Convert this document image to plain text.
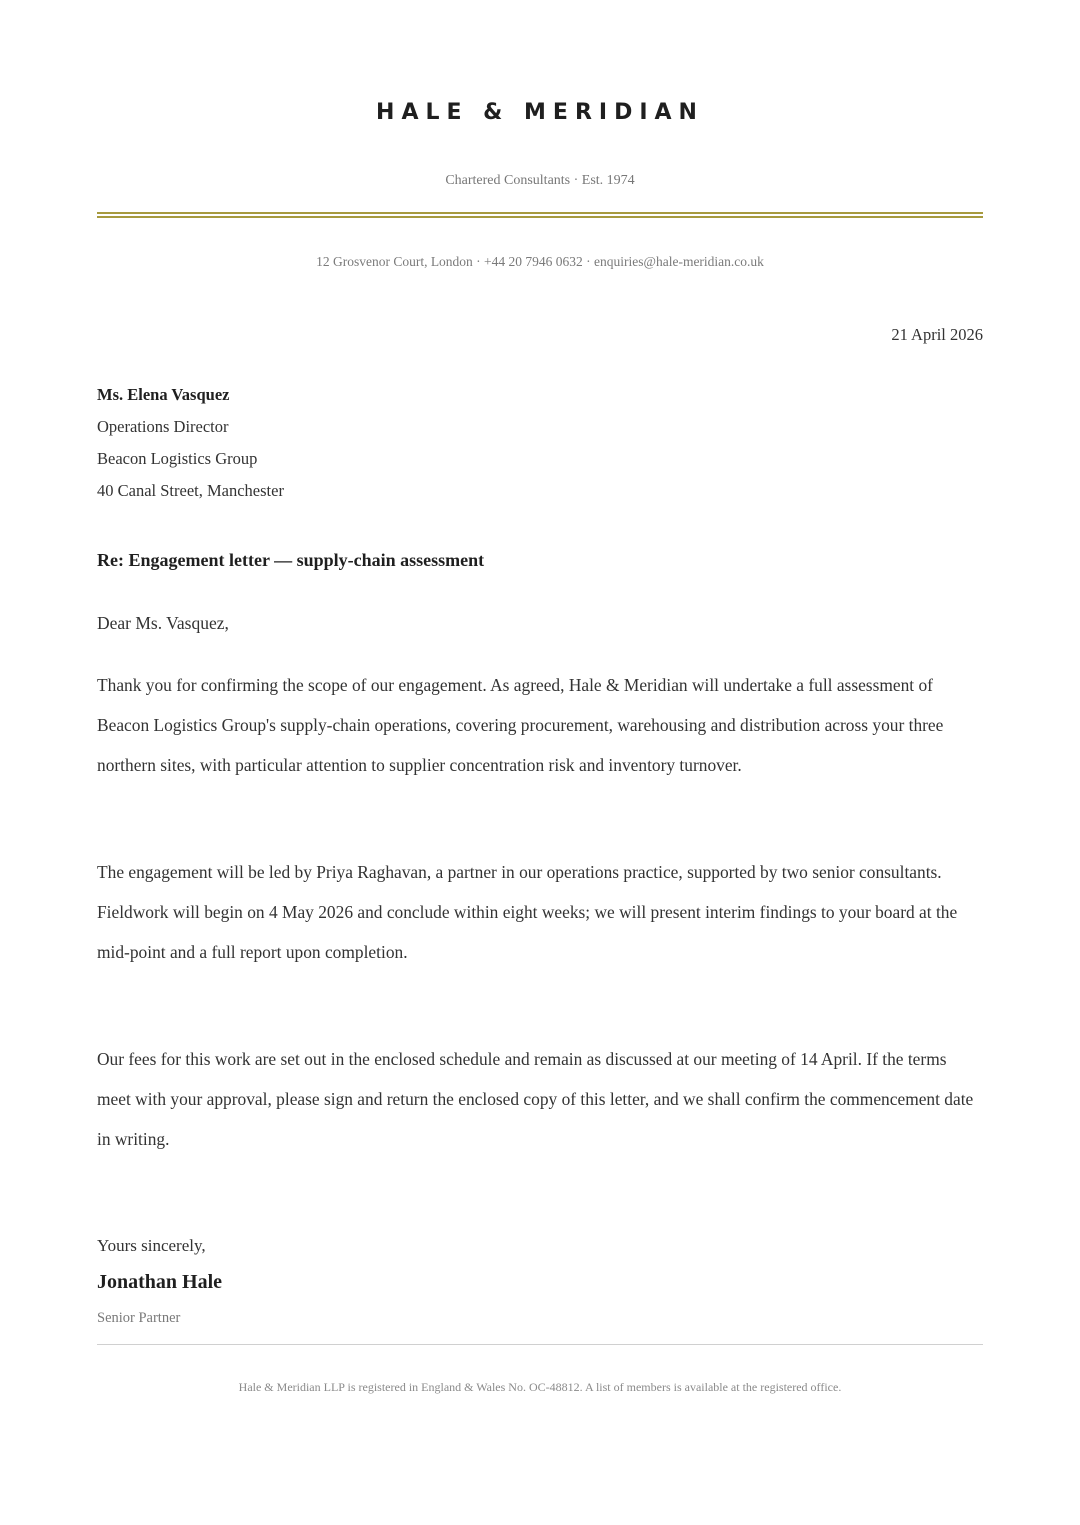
HALE & MERIDIAN
Chartered Consultants · Est. 1974
12 Grosvenor Court, London · +44 20 7946 0632 · enquiries@hale-meridian.co.uk
21 April 2026
Ms. Elena Vasquez
Operations Director
Beacon Logistics Group
40 Canal Street, Manchester
Re: Engagement letter — supply-chain assessment
Dear Ms. Vasquez,
Thank you for confirming the scope of our engagement. As agreed, Hale & Meridian will undertake a full assessment of Beacon Logistics Group's supply-chain operations, covering procurement, warehousing and distribution across your three northern sites, with particular attention to supplier concentration risk and inventory turnover.
The engagement will be led by Priya Raghavan, a partner in our operations practice, supported by two senior consultants. Fieldwork will begin on 4 May 2026 and conclude within eight weeks; we will present interim findings to your board at the mid-point and a full report upon completion.
Our fees for this work are set out in the enclosed schedule and remain as discussed at our meeting of 14 April. If the terms meet with your approval, please sign and return the enclosed copy of this letter, and we shall confirm the commencement date in writing.
Yours sincerely,
Jonathan Hale
Senior Partner
Hale & Meridian LLP is registered in England & Wales No. OC-48812. A list of members is available at the registered office.
